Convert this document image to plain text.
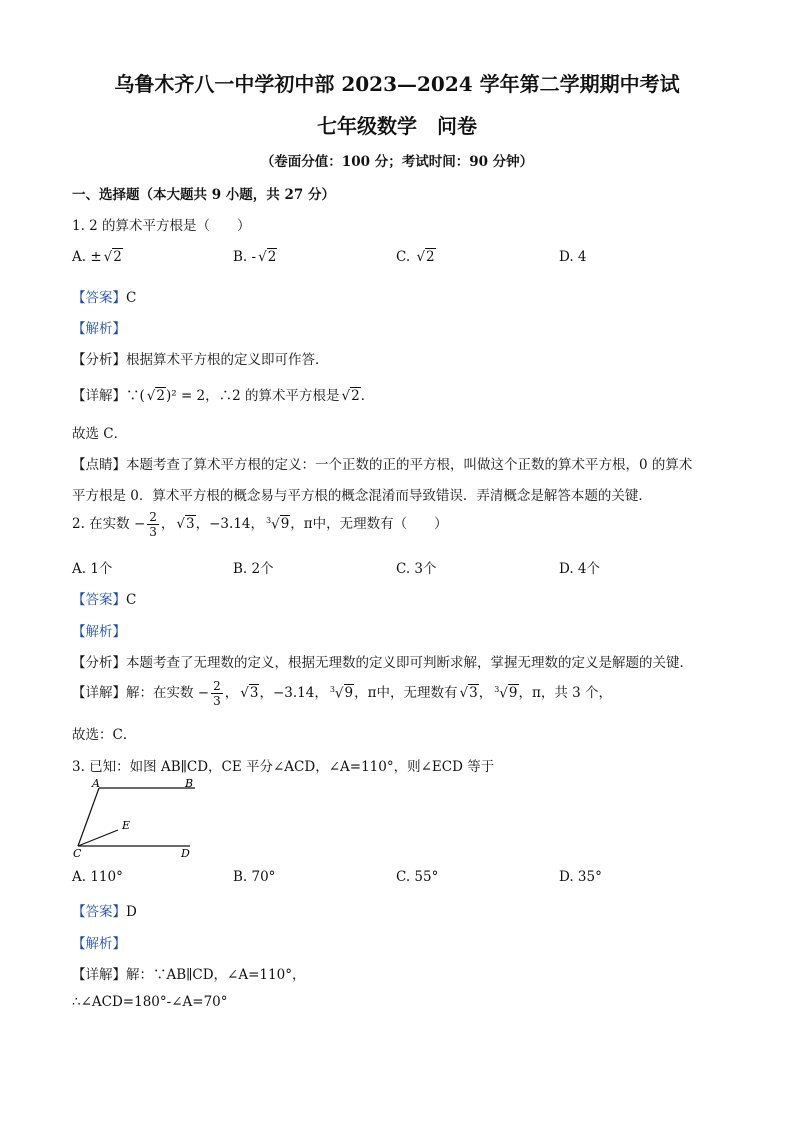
乌鲁木齐八一中学初中部 2023—2024 学年第二学期期中考试
七年级数学　问卷
（卷面分值：100 分；考试时间：90 分钟）
一、选择题（本大题共 9 小题，共 27 分）
1. 2 的算术平方根是（　　）
A. ± √2	B. - √2	C. √2	D. 4
【答案】C
【解析】
【分析】根据算术平方根的定义即可作答．
【详解】∵( √2)² = 2，∴2 的算术平方根是 √2．
故选 C．
【点睛】本题考查了算术平方根的定义：一个正数的正的平方根，叫做这个正数的算术平方根，0 的算术
平方根是 0．算术平方根的概念易与平方根的概念混淆而导致错误．弄清概念是解答本题的关键．
2. 在实数 − $\frac{2}{3}$ ， √3，−3.14， $^3$√9，π中，无理数有（　　）
A. 1个	B. 2个	C. 3个	D. 4个
【答案】C
【解析】
【分析】本题考查了无理数的定义，根据无理数的定义即可判断求解，掌握无理数的定义是解题的关键．
【详解】解：在实数 − $\frac{2}{3}$ ， √3，−3.14， $^3$√9，π中，无理数有 √3， $^3$√9，π，共 3 个，
故选：C．
3. 已知：如图 AB∥CD，CE 平分∠ACD，∠A=110°，则∠ECD 等于
A	B
C	D
E
A. 110°	B. 70°	C. 55°	D. 35°
【答案】D
【解析】
【详解】解：∵AB∥CD，∠A=110°，
∴∠ACD=180°-∠A=70°
